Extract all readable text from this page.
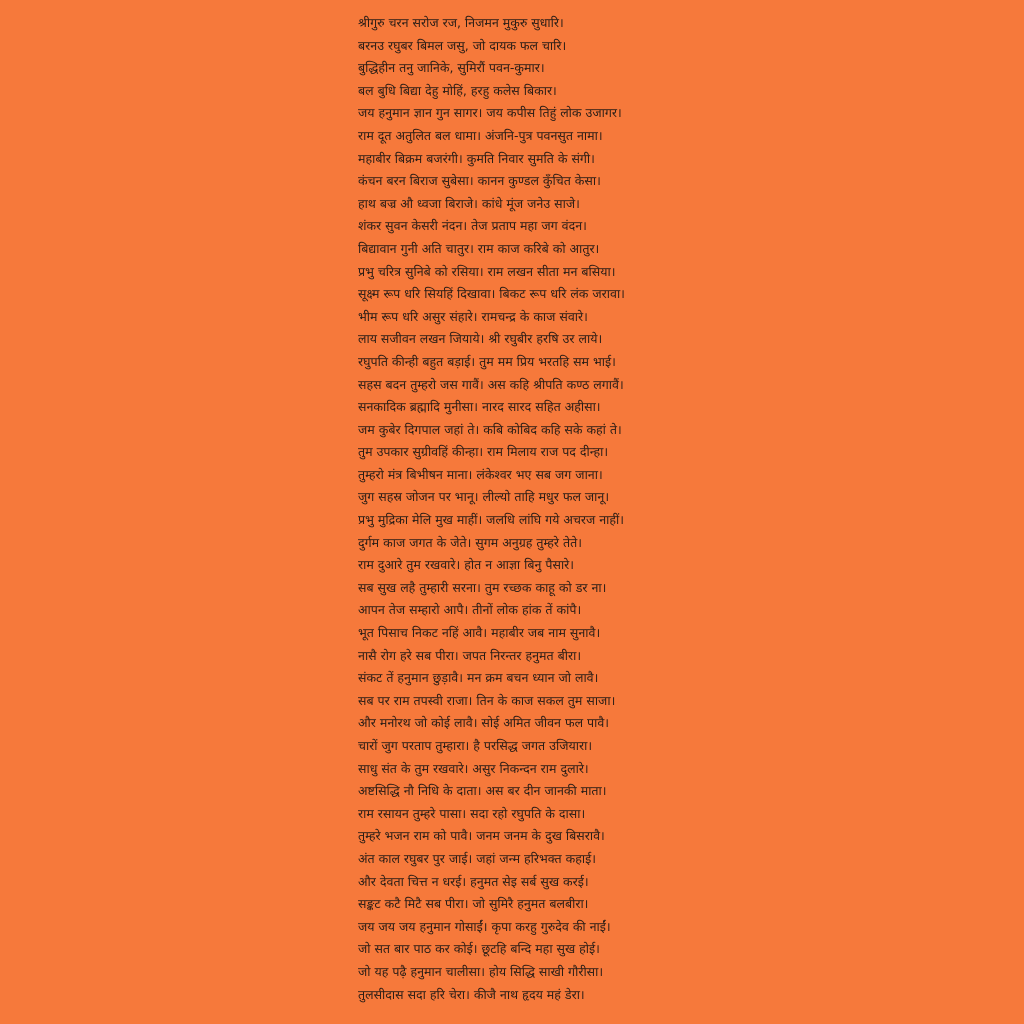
श्रीगुरु चरन सरोज रज, निजमन मुकुरु सुधारि।
बरनउ रघुबर बिमल जसु, जो दायक फल चारि।
बुद्धिहीन तनु जानिके, सुमिरौं पवन-कुमार।
बल बुधि बिद्या देहु मोहिं, हरहु कलेस बिकार।
जय हनुमान ज्ञान गुन सागर। जय कपीस तिहुं लोक उजागर।
राम दूत अतुलित बल धामा। अंजनि-पुत्र पवनसुत नामा।
महाबीर बिक्रम बजरंगी। कुमति निवार सुमति के संगी।
कंचन बरन बिराज सुबेसा। कानन कुण्डल कुँचित केसा।
हाथ बज्र औ ध्वजा बिराजे। कांधे मूंज जनेउ साजे।
शंकर सुवन केसरी नंदन। तेज प्रताप महा जग वंदन।
बिद्यावान गुनी अति चातुर। राम काज करिबे को आतुर।
प्रभु चरित्र सुनिबे को रसिया। राम लखन सीता मन बसिया।
सूक्ष्म रूप धरि सियहिं दिखावा। बिकट रूप धरि लंक जरावा।
भीम रूप धरि असुर संहारे। रामचन्द्र के काज संवारे।
लाय सजीवन लखन जियाये। श्री रघुबीर हरषि उर लाये।
रघुपति कीन्ही बहुत बड़ाई। तुम मम प्रिय भरतहि सम भाई।
सहस बदन तुम्हरो जस गावैं। अस कहि श्रीपति कण्ठ लगावैं।
सनकादिक ब्रह्मादि मुनीसा। नारद सारद सहित अहीसा।
जम कुबेर दिगपाल जहां ते। कबि कोबिद कहि सके कहां ते।
तुम उपकार सुग्रीवहिं कीन्हा। राम मिलाय राज पद दीन्हा।
तुम्हरो मंत्र बिभीषन माना। लंकेश्वर भए सब जग जाना।
जुग सहस्र जोजन पर भानू। लील्यो ताहि मधुर फल जानू।
प्रभु मुद्रिका मेलि मुख माहीं। जलधि लांघि गये अचरज नाहीं।
दुर्गम काज जगत के जेते। सुगम अनुग्रह तुम्हरे तेते।
राम दुआरे तुम रखवारे। होत न आज्ञा बिनु पैसारे।
सब सुख लहै तुम्हारी सरना। तुम रच्छक काहू को डर ना।
आपन तेज सम्हारो आपै। तीनों लोक हांक तें कांपै।
भूत पिसाच निकट नहिं आवै। महाबीर जब नाम सुनावै।
नासै रोग हरे सब पीरा। जपत निरन्तर हनुमत बीरा।
संकट तें हनुमान छुड़ावै। मन क्रम बचन ध्यान जो लावै।
सब पर राम तपस्वी राजा। तिन के काज सकल तुम साजा।
और मनोरथ जो कोई लावै। सोई अमित जीवन फल पावै।
चारों जुग परताप तुम्हारा। है परसिद्ध जगत उजियारा।
साधु संत के तुम रखवारे। असुर निकन्दन राम दुलारे।
अष्टसिद्धि नौ निधि के दाता। अस बर दीन जानकी माता।
राम रसायन तुम्हरे पासा। सदा रहो रघुपति के दासा।
तुम्हरे भजन राम को पावै। जनम जनम के दुख बिसरावै।
अंत काल रघुबर पुर जाई। जहां जन्म हरिभक्त कहाई।
और देवता चित्त न धरई। हनुमत सेइ सर्ब सुख करई।
सङ्कट कटै मिटै सब पीरा। जो सुमिरै हनुमत बलबीरा।
जय जय जय हनुमान गोसाईं। कृपा करहु गुरुदेव की नाईं।
जो सत बार पाठ कर कोई। छूटहि बन्दि महा सुख होई।
जो यह पढ़ै हनुमान चालीसा। होय सिद्धि साखी गौरीसा।
तुलसीदास सदा हरि चेरा। कीजै नाथ हृदय महं डेरा।
